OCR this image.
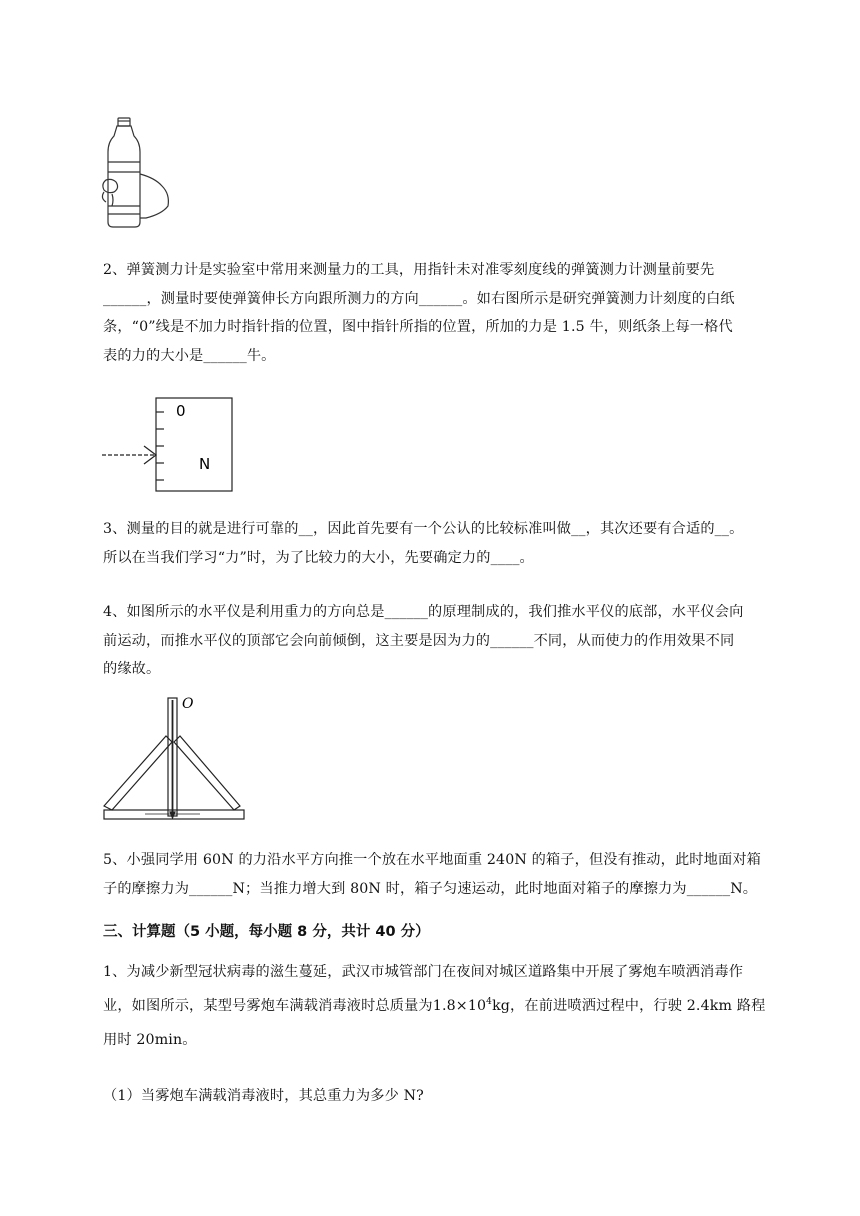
2、弹簧测力计是实验室中常用来测量力的工具，用指针未对准零刻度线的弹簧测力计测量前要先

______，测量时要使弹簧伸长方向跟所测力的方向______。如右图所示是研究弹簧测力计刻度的白纸

条，“0”线是不加力时指针指的位置，图中指针所指的位置，所加的力是 1.5 牛，则纸条上每一格代

表的力的大小是______牛。

0
N

3、测量的目的就是进行可靠的__，因此首先要有一个公认的比较标准叫做__，其次还要有合适的__。

所以在当我们学习“力”时，为了比较力的大小，先要确定力的____。

4、如图所示的水平仪是利用重力的方向总是______的原理制成的，我们推水平仪的底部，水平仪会向

前运动，而推水平仪的顶部它会向前倾倒，这主要是因为力的______不同，从而使力的作用效果不同

的缘故。

O

5、小强同学用 60N 的力沿水平方向推一个放在水平地面重 240N 的箱子，但没有推动，此时地面对箱

子的摩擦力为______N；当推力增大到 80N 时，箱子匀速运动，此时地面对箱子的摩擦力为______N。

三、计算题（5 小题，每小题 8 分，共计 40 分）

1、为减少新型冠状病毒的滋生蔓延，武汉市城管部门在夜间对城区道路集中开展了雾炮车喷洒消毒作

业，如图所示，某型号雾炮车满载消毒液时总质量为$1.8\times 10^4kg$，在前进喷洒过程中，行驶 2.4km 路程

用时 20min。

（1）当雾炮车满载消毒液时，其总重力为多少 N?
